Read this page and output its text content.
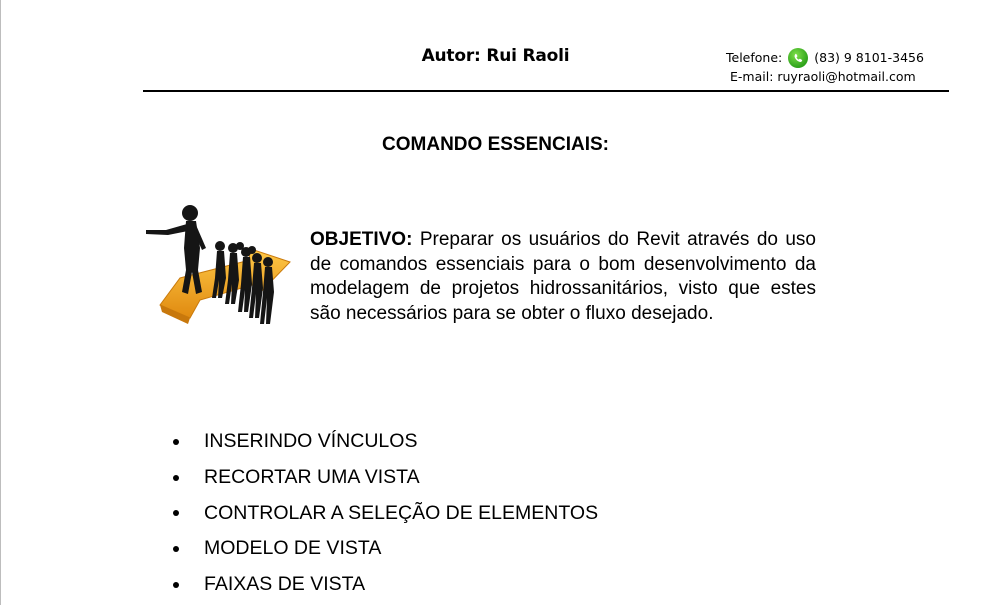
Autor: Rui Raoli	Telefone:	(83) 9 8101-3456
E-mail: ruyraoli@hotmail.com
COMANDO ESSENCIAIS:
OBJETIVO: Preparar os usuários do Revit através do uso de comandos essenciais para o bom desenvolvimento da modelagem de projetos hidrossanitários, visto que estes são necessários para se obter o fluxo desejado.
INSERINDO VÍNCULOS
RECORTAR UMA VISTA
CONTROLAR A SELEÇÃO DE ELEMENTOS
MODELO DE VISTA
FAIXAS DE VISTA
